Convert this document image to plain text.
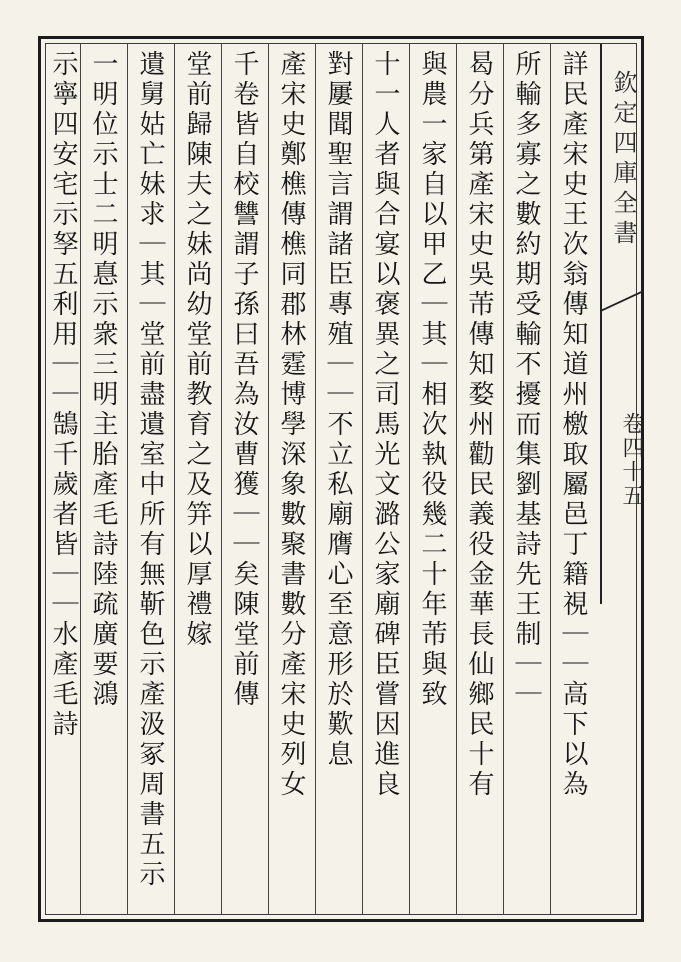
欽定四庫全書
卷四十五
詳民產宋史王次翁傳知道州檄取屬邑丁籍視｜｜高下以為
所輸多寡之數約期受輸不擾而集劉基詩先王制｜｜
曷分兵第產宋史吳芾傳知婺州勸民義役金華長仙鄉民十有
與農一家自以甲乙｜其｜相次執役幾二十年芾與致
十一人者與合宴以褒異之司馬光文潞公家廟碑臣嘗因進良
對屢聞聖言謂諸臣專殖｜｜不立私廟膺心至意形於歎息
產宋史鄭樵傳樵同郡林霆博學深象數聚書數分產宋史列女
千卷皆自校讐謂子孫曰吾為汝曹獲｜｜矣陳堂前傳
堂前歸陳夫之妹尚幼堂前教育之及笄以厚禮嫁
遺舅姑亡妹求｜其｜堂前盡遺室中所有無靳色示產汲冢周書五示
一明位示士二明惪示衆三明主胎產毛詩陸疏廣要鴻
示寧四安宅示孥五利用｜｜鵠千歲者皆｜｜水產毛詩
